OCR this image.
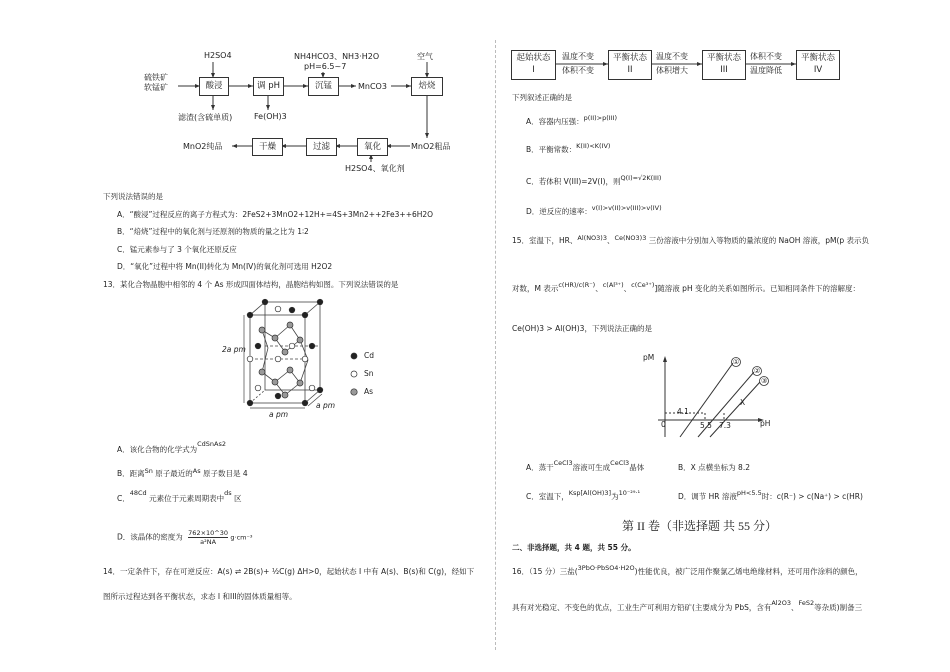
H2SO4	NH4HCO3、NH3·H2O
pH=6.5~7
空气
硫铁矿
软锰矿	酸浸	调 pH	沉锰	MnCO3	焙烧
滤渣(含硫单质)	Fe(OH)3
MnO2纯品	干燥	过滤	氧化	MnO2粗品
H2SO4、氧化剂
下列说法错误的是
A．“酸浸”过程反应的离子方程式为：2FeS2+3MnO2+12H+=4S+3Mn2++2Fe3++6H2O
B．“焙烧”过程中的氧化剂与还原剂的物质的量之比为 1∶2
C．锰元素参与了 3 个氧化还原反应
D．“氧化”过程中将 Mn(II)转化为 Mn(IV)的氧化剂可选用 H2O2
13．某化合物晶胞中相邻的 4 个 As 形成四面体结构，晶胞结构如图。下列说法错误的是
2a pm
a pm
a pm
Cd
Sn
As
A．该化合物的化学式为CdSnAs2
B．距离Sn 原子最近的As 原子数目是 4
C．48Cd 元素位于元素周期表中ds 区
D．该晶体的密度为 $\frac{762\times 10\^{}30}{\text{a²NA}} g\cdot cm^{-3}$
14．一定条件下，存在可逆反应：A(s) ⇌ 2B(s)+ ½C(g) ΔH>0，起始状态 I 中有 A(s)、B(s)和 C(g)，经如下
图所示过程达到各平衡状态，求态 I 和III的固体质量相等。
起始状态
I
温度不变
体积不变
平衡状态
II
温度不变
体积增大
平衡状态
III
体积不变
温度降低
平衡状态
IV
下列叙述正确的是
A．容器内压强：p(II)>p(III)
B．平衡常数：K(II)<K(IV)
C．若体积 V(III)=2V(I)，则Q(I)=√2K(III)
D．逆反应的速率：v(I)>v(II)>v(III)>v(IV)
15．室温下，HR、Al(NO3)3、Ce(NO3)3 三份溶液中分别加入等物质的量浓度的 NaOH 溶液，pM(p 表示负
对数，M 表示c(HR)/c(R⁻)、c(Al³⁺)、c(Ce³⁺)]随溶液 pH 变化的关系如图所示。已知相同条件下的溶解度：
Ce(OH)3 > Al(OH)3，下列说法正确的是
pM
pH
0
4.1
5.5 7.3
①
②
③
X
A．蒸干CeCl3溶液可生成CeCl3晶体	B．X 点横坐标为 8.2
C．室温下，Ksp[Al(OH)3]为10⁻²⁹·¹	D．调节 HR 溶液pH<5.5时：c(R⁻) > c(Na⁺) > c(HR)
第 II 卷（非选择题 共 55 分）
二、非选择题，共 4 题，共 55 分。
16．（15 分）三盐(3PbO·PbSO4·H2O)性能优良，被广泛用作聚氯乙烯电绝缘材料，还可用作涂料的颜色，
具有对光稳定、不变色的优点，工业生产可利用方铅矿(主要成分为 PbS，含有Al2O3、FeS2等杂质)制备三
